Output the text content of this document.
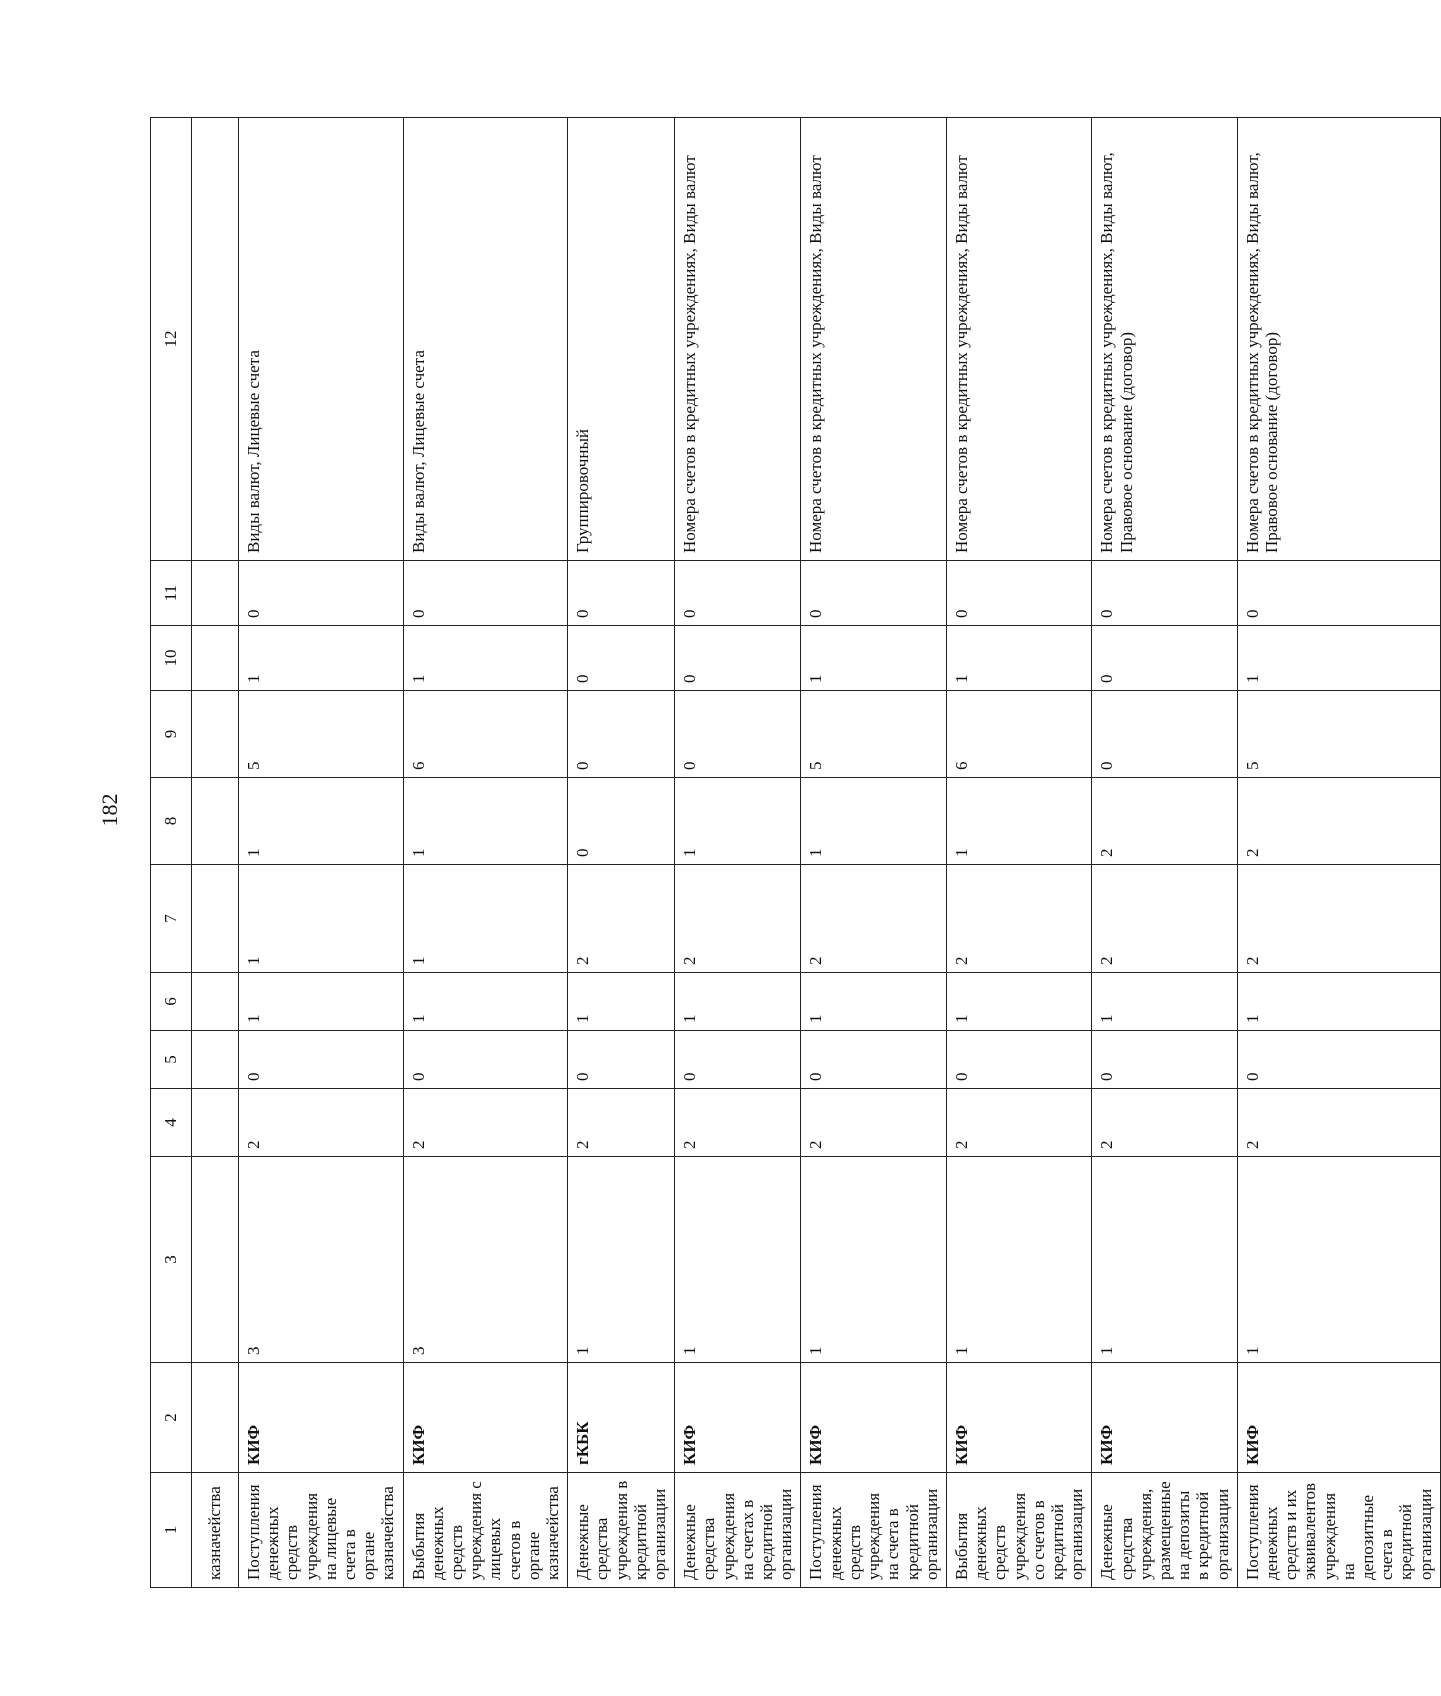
182
1	2	3	4	5	6	7	8	9	10	11	12
казначейства											
Поступления денежных средств учреждения на лицевые счета в органе казначейства	КИФ	3	2	0	1	1	1	5	1	0	Виды валют, Лицевые счета
Выбытия денежных средств учреждения с лицевых счетов в органе казначейства	КИФ	3	2	0	1	1	1	6	1	0	Виды валют, Лицевые счета
Денежные средства учреждения в кредитной организации	гКБК	1	2	0	1	2	0	0	0	0	Группировочный
Денежные средства учреждения на счетах в кредитной организации	КИФ	1	2	0	1	2	1	0	0	0	Номера счетов в кредитных учреждениях, Виды валют
Поступления денежных средств учреждения на счета в кредитной организации	КИФ	1	2	0	1	2	1	5	1	0	Номера счетов в кредитных учреждениях, Виды валют
Выбытия денежных средств учреждения со счетов в кредитной организации	КИФ	1	2	0	1	2	1	6	1	0	Номера счетов в кредитных учреждениях, Виды валют
Денежные средства учреждения, размещенные на депозиты в кредитной организации	КИФ	1	2	0	1	2	2	0	0	0	Номера счетов в кредитных учреждениях, Виды валют, Правовое основание (договор)
Поступления денежных средств и их эквивалентов учреждения на депозитные счета в кредитной организации	КИФ	1	2	0	1	2	2	5	1	0	Номера счетов в кредитных учреждениях, Виды валют, Правовое основание (договор)
